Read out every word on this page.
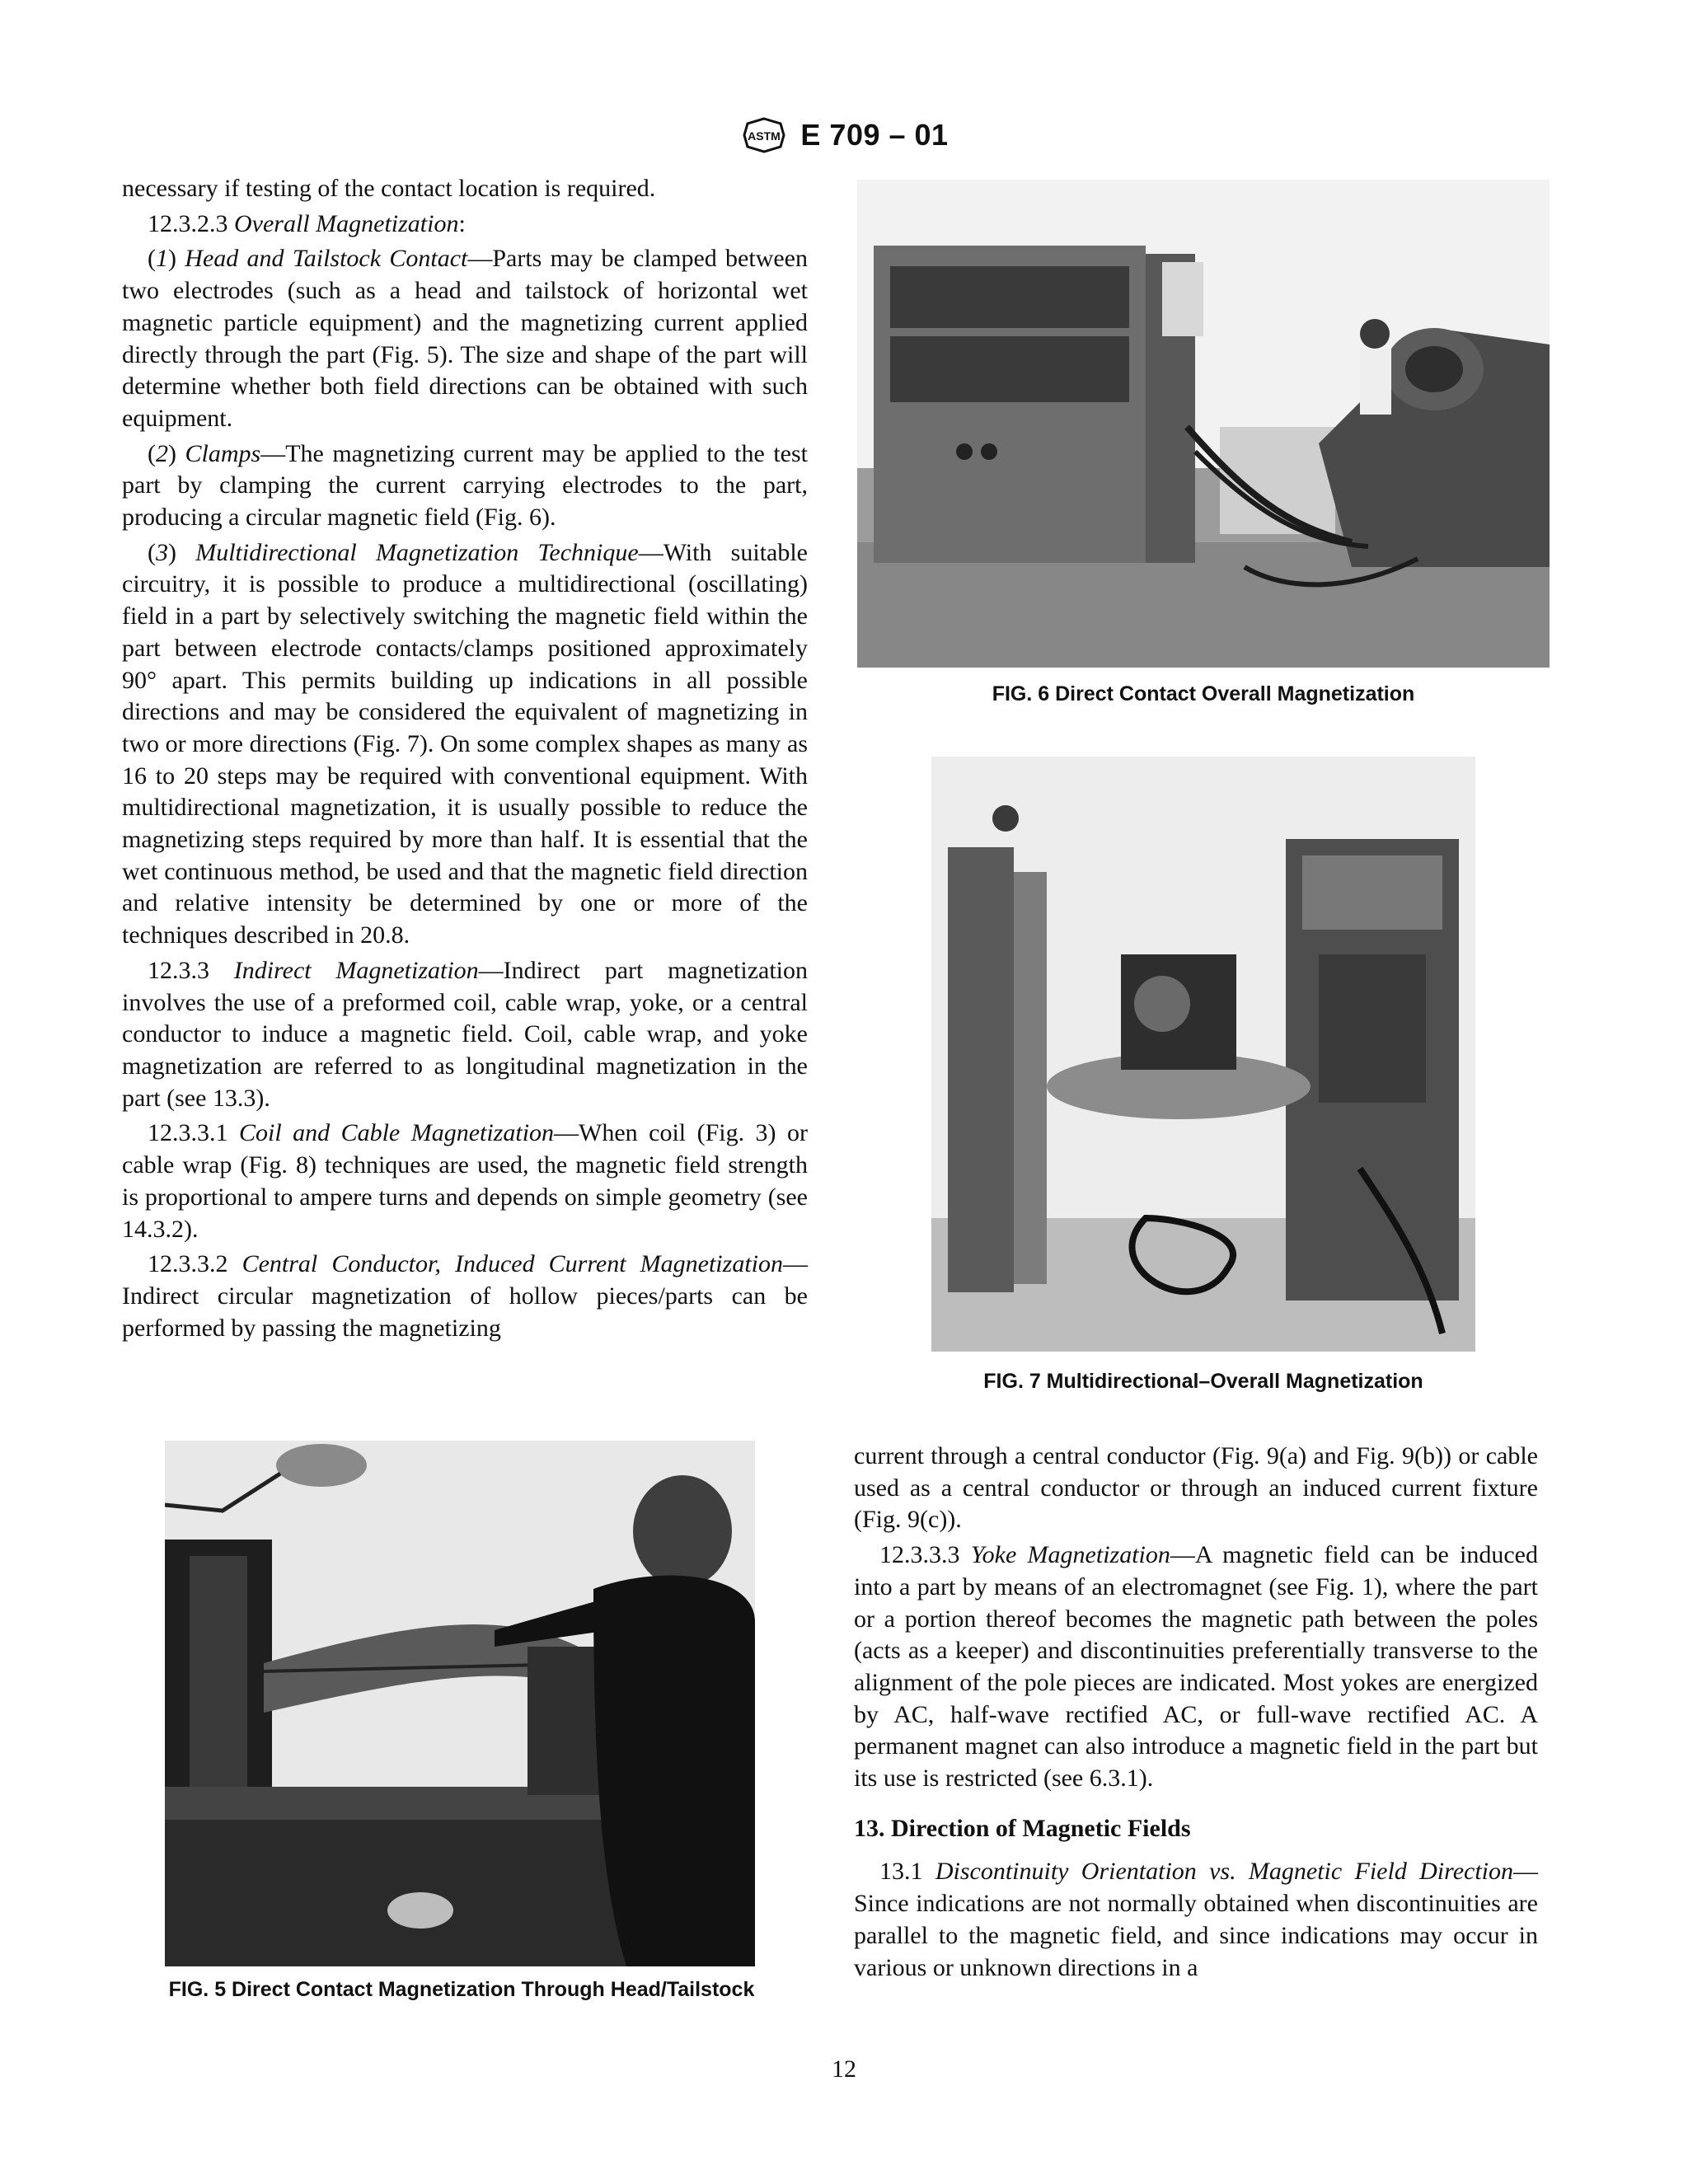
ASTM E 709 – 01

necessary if testing of the contact location is required.

12.3.2.3 Overall Magnetization:

(1) Head and Tailstock Contact—Parts may be clamped between two electrodes (such as a head and tailstock of horizontal wet magnetic particle equipment) and the magnetizing current applied directly through the part (Fig. 5). The size and shape of the part will determine whether both field directions can be obtained with such equipment.

(2) Clamps—The magnetizing current may be applied to the test part by clamping the current carrying electrodes to the part, producing a circular magnetic field (Fig. 6).

(3) Multidirectional Magnetization Technique—With suitable circuitry, it is possible to produce a multidirectional (oscillating) field in a part by selectively switching the magnetic field within the part between electrode contacts/clamps positioned approximately 90° apart. This permits building up indications in all possible directions and may be considered the equivalent of magnetizing in two or more directions (Fig. 7). On some complex shapes as many as 16 to 20 steps may be required with conventional equipment. With multidirectional magnetization, it is usually possible to reduce the magnetizing steps required by more than half. It is essential that the wet continuous method, be used and that the magnetic field direction and relative intensity be determined by one or more of the techniques described in 20.8.

12.3.3 Indirect Magnetization—Indirect part magnetization involves the use of a preformed coil, cable wrap, yoke, or a central conductor to induce a magnetic field. Coil, cable wrap, and yoke magnetization are referred to as longitudinal magnetization in the part (see 13.3).

12.3.3.1 Coil and Cable Magnetization—When coil (Fig. 3) or cable wrap (Fig. 8) techniques are used, the magnetic field strength is proportional to ampere turns and depends on simple geometry (see 14.3.2).

12.3.3.2 Central Conductor, Induced Current Magnetization—Indirect circular magnetization of hollow pieces/parts can be performed by passing the magnetizing

FIG. 6 Direct Contact Overall Magnetization
FIG. 7 Multidirectional–Overall Magnetization
FIG. 5 Direct Contact Magnetization Through Head/Tailstock

current through a central conductor (Fig. 9(a) and Fig. 9(b)) or cable used as a central conductor or through an induced current fixture (Fig. 9(c)).

12.3.3.3 Yoke Magnetization—A magnetic field can be induced into a part by means of an electromagnet (see Fig. 1), where the part or a portion thereof becomes the magnetic path between the poles (acts as a keeper) and discontinuities preferentially transverse to the alignment of the pole pieces are indicated. Most yokes are energized by AC, half-wave rectified AC, or full-wave rectified AC. A permanent magnet can also introduce a magnetic field in the part but its use is restricted (see 6.3.1).

13. Direction of Magnetic Fields

13.1 Discontinuity Orientation vs. Magnetic Field Direction—Since indications are not normally obtained when discontinuities are parallel to the magnetic field, and since indications may occur in various or unknown directions in a

12
